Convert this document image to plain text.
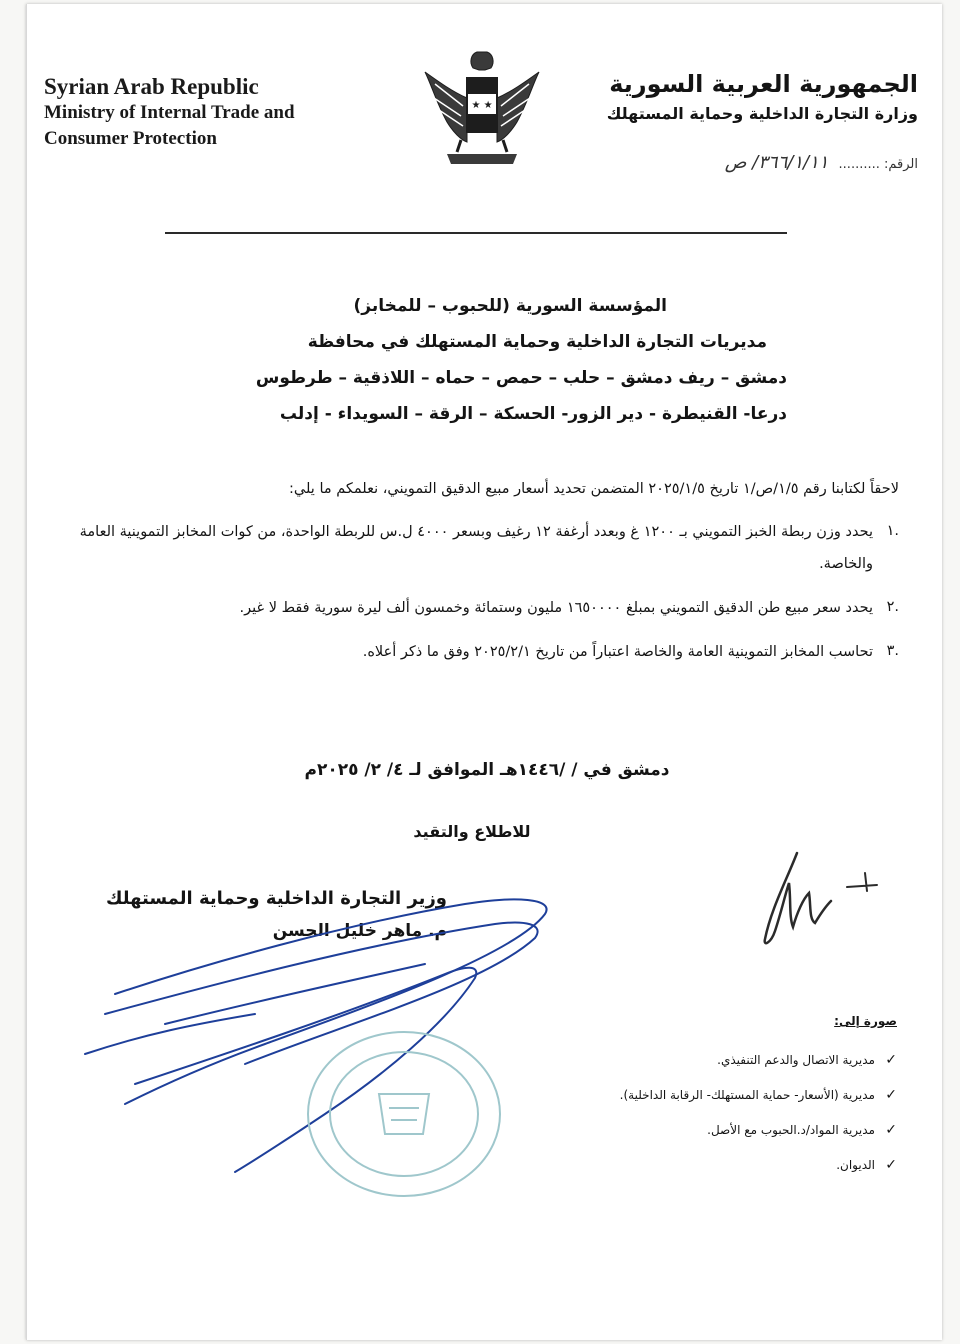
Syrian Arab Republic
Ministry of Internal Trade and
Consumer Protection
★ ★
الجمهورية العربية السورية
وزارة التجارة الداخلية وحماية المستهلك
الرقم: .......... ٣٦٦/١/١١/ ص
المؤسسة السورية (للحبوب – للمخابز)
مديريات التجارة الداخلية وحماية المستهلك في محافظة
دمشق – ريف دمشق – حلب – حمص – حماه – اللاذقية – طرطوس
درعا- القنيطرة - دير الزور- الحسكة – الرقة – السويداء - إدلب
لاحقاً لكتابنا رقم ١/٥/ص/١ تاريخ ٢٠٢٥/١/٥ المتضمن تحديد أسعار مبيع الدقيق التمويني، نعلمكم ما يلي:
.١
يحدد وزن ربطة الخبز التمويني بـ ١٢٠٠ غ وبعدد أرغفة ١٢ رغيف وبسعر ٤٠٠٠ ل.س للربطة الواحدة، من كوات المخابز التموينية العامة والخاصة.
.٢
يحدد سعر مبيع طن الدقيق التمويني بمبلغ ١٦٥٠٠٠٠ مليون وستمائة وخمسون ألف ليرة سورية فقط لا غير.
.٣
تحاسب المخابز التموينية العامة والخاصة اعتباراً من تاريخ ٢٠٢٥/٢/١ وفق ما ذكر أعلاه.
دمشق في / /١٤٤٦هـ الموافق لـ ٤/ ٢/ ٢٠٢٥م
للاطلاع والتقيد
وزير التجارة الداخلية وحماية المستهلك
م. ماهر خليل الحسن
صورة إلى:
✓
مديرية الاتصال والدعم التنفيذي.
✓
مديرية (الأسعار- حماية المستهلك- الرقابة الداخلية).
✓
مديرية المواد/د.الحبوب مع الأصل.
✓
الديوان.
